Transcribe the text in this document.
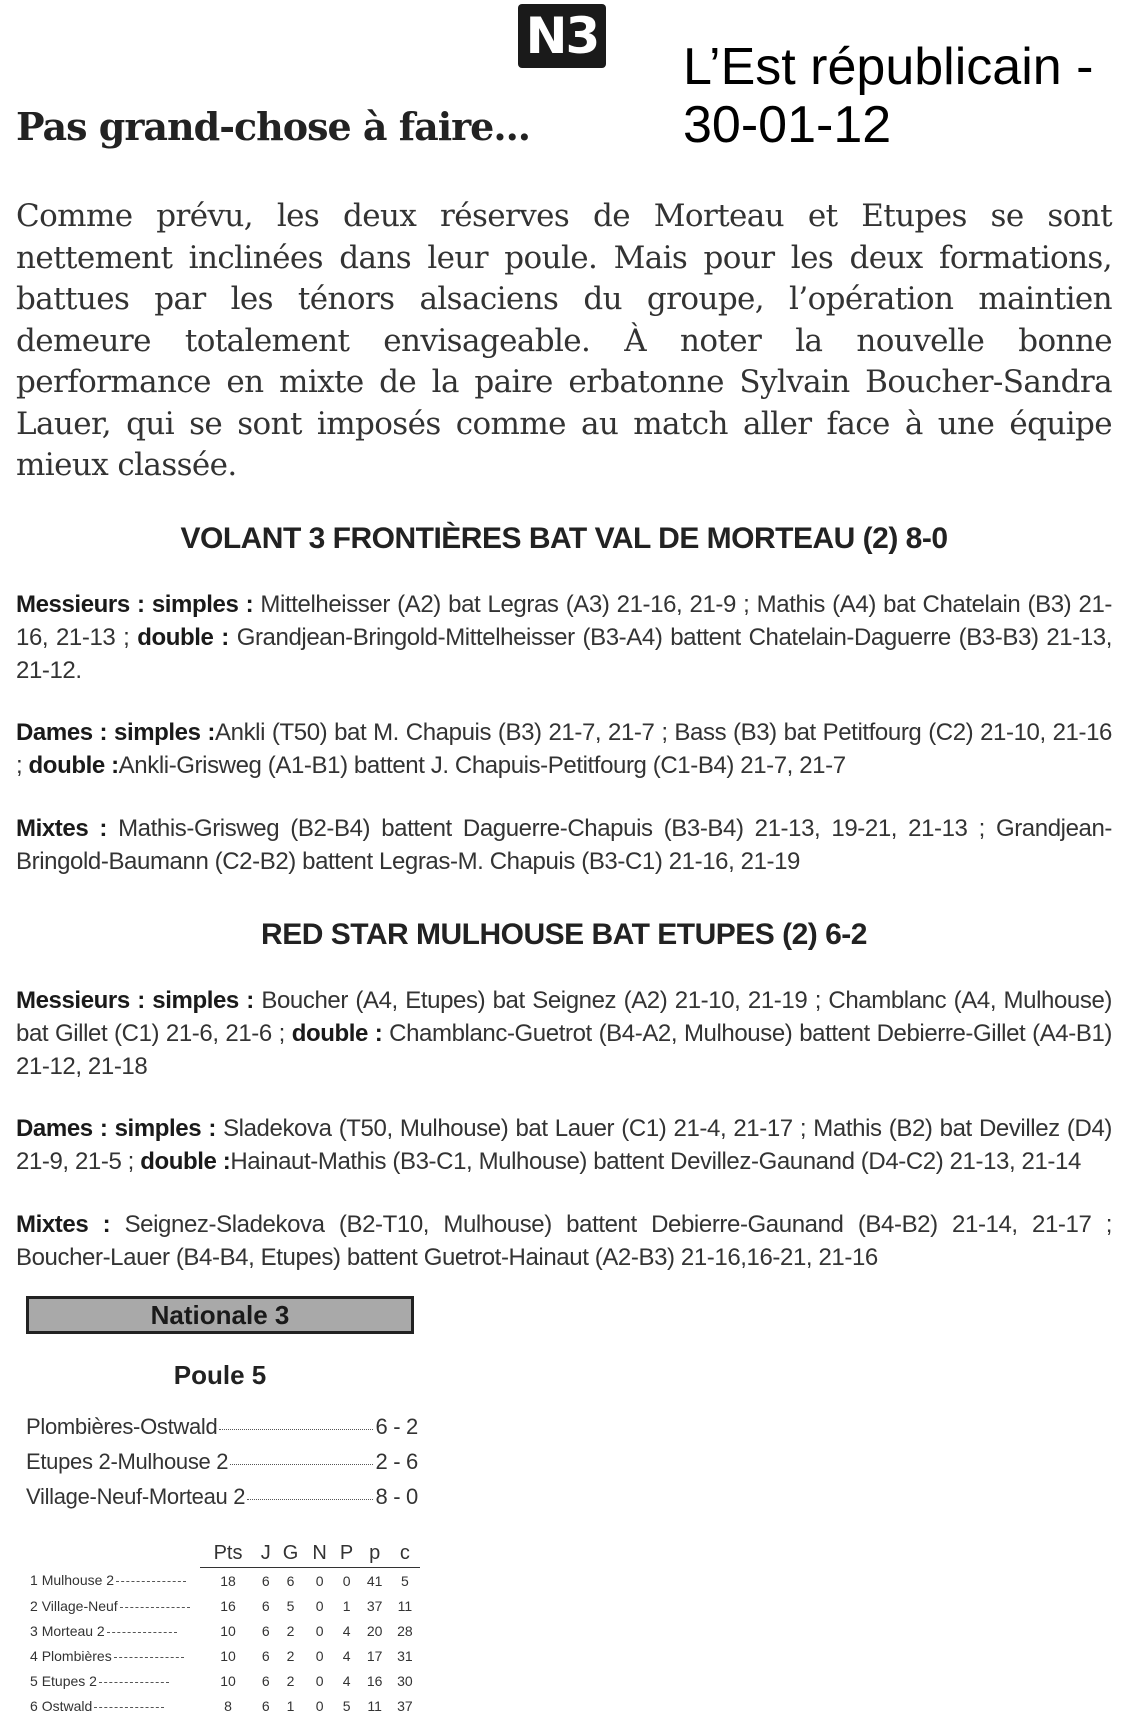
N3
L’Est républicain - 30-01-12
Pas grand-chose à faire...

Comme prévu, les deux réserves de Morteau et Etupes se sont nettement inclinées dans leur poule. Mais pour les deux formations, battues par les ténors alsaciens du groupe, l’opération maintien demeure totalement envisageable. À noter la nouvelle bonne performance en mixte de la paire erbatonne Sylvain Boucher-Sandra Lauer, qui se sont imposés comme au match aller face à une équipe mieux classée.

VOLANT 3 FRONTIÈRES BAT VAL DE MORTEAU (2) 8-0

Messieurs : simples : Mittelheisser (A2) bat Legras (A3) 21-16, 21-9 ; Mathis (A4) bat Chatelain (B3) 21-16, 21-13 ; double : Grandjean-Bringold-Mittelheisser (B3-A4) battent Chatelain-Daguerre (B3-B3) 21-13, 21-12.

Dames : simples :Ankli (T50) bat M. Chapuis (B3) 21-7, 21-7 ; Bass (B3) bat Petitfourg (C2) 21-10, 21-16 ; double :Ankli-Grisweg (A1-B1) battent J. Chapuis-Petitfourg (C1-B4) 21-7, 21-7

Mixtes : Mathis-Grisweg (B2-B4) battent Daguerre-Chapuis (B3-B4) 21-13, 19-21, 21-13 ; Grandjean-Bringold-Baumann (C2-B2) battent Legras-M. Chapuis (B3-C1) 21-16, 21-19

RED STAR MULHOUSE BAT ETUPES (2) 6-2

Messieurs : simples : Boucher (A4, Etupes) bat Seignez (A2) 21-10, 21-19 ; Chamblanc (A4, Mulhouse) bat Gillet (C1) 21-6, 21-6 ; double : Chamblanc-Guetrot (B4-A2, Mulhouse) battent Debierre-Gillet (A4-B1) 21-12, 21-18

Dames : simples : Sladekova (T50, Mulhouse) bat Lauer (C1) 21-4, 21-17 ; Mathis (B2) bat Devillez (D4) 21-9, 21-5 ; double :Hainaut-Mathis (B3-C1, Mulhouse) battent Devillez-Gaunand (D4-C2) 21-13, 21-14

Mixtes : Seignez-Sladekova (B2-T10, Mulhouse) battent Debierre-Gaunand (B4-B2) 21-14, 21-17 ; Boucher-Lauer (B4-B4, Etupes) battent Guetrot-Hainaut (A2-B3) 21-16,16-21, 21-16

Nationale 3
Poule 5
Plombières-Ostwald	6 - 2
Etupes 2-Mulhouse 2	2 - 6
Village-Neuf-Morteau 2	8 - 0
	Pts	J	G	N	P	p	c
1 Mulhouse 2	18	6	6	0	0	41	5
2 Village-Neuf	16	6	5	0	1	37	11
3 Morteau 2	10	6	2	0	4	20	28
4 Plombières	10	6	2	0	4	17	31
5 Etupes 2	10	6	2	0	4	16	30
6 Ostwald	8	6	1	0	5	11	37
